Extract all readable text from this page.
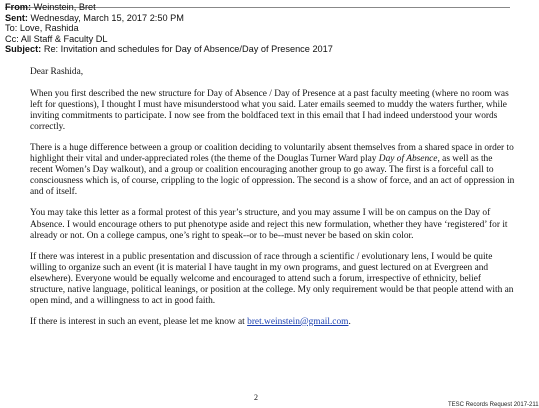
From: Weinstein, Bret
Sent: Wednesday, March 15, 2017 2:50 PM
To: Love, Rashida
Cc: All Staff & Faculty DL
Subject: Re: Invitation and schedules for Day of Absence/Day of Presence 2017

Dear Rashida,

When you first described the new structure for Day of Absence / Day of Presence at a past faculty meeting (where no room was left for questions), I thought I must have misunderstood what you said. Later emails seemed to muddy the waters further, while inviting commitments to participate. I now see from the boldfaced text in this email that I had indeed understood your words correctly.

There is a huge difference between a group or coalition deciding to voluntarily absent themselves from a shared space in order to highlight their vital and under-appreciated roles (the theme of the Douglas Turner Ward play Day of Absence, as well as the recent Women’s Day walkout), and a group or coalition encouraging another group to go away. The first is a forceful call to consciousness which is, of course, crippling to the logic of oppression. The second is a show of force, and an act of oppression in and of itself.

You may take this letter as a formal protest of this year’s structure, and you may assume I will be on campus on the Day of Absence. I would encourage others to put phenotype aside and reject this new formulation, whether they have ‘registered’ for it already or not. On a college campus, one’s right to speak--or to be--must never be based on skin color.

If there was interest in a public presentation and discussion of race through a scientific / evolutionary lens, I would be quite willing to organize such an event (it is material I have taught in my own programs, and guest lectured on at Evergreen and elsewhere). Everyone would be equally welcome and encouraged to attend such a forum, irrespective of ethnicity, belief structure, native language, political leanings, or position at the college. My only requirement would be that people attend with an open mind, and a willingness to act in good faith.

If there is interest in such an event, please let me know at bret.weinstein@gmail.com.

2
TESC Records Request 2017-211
